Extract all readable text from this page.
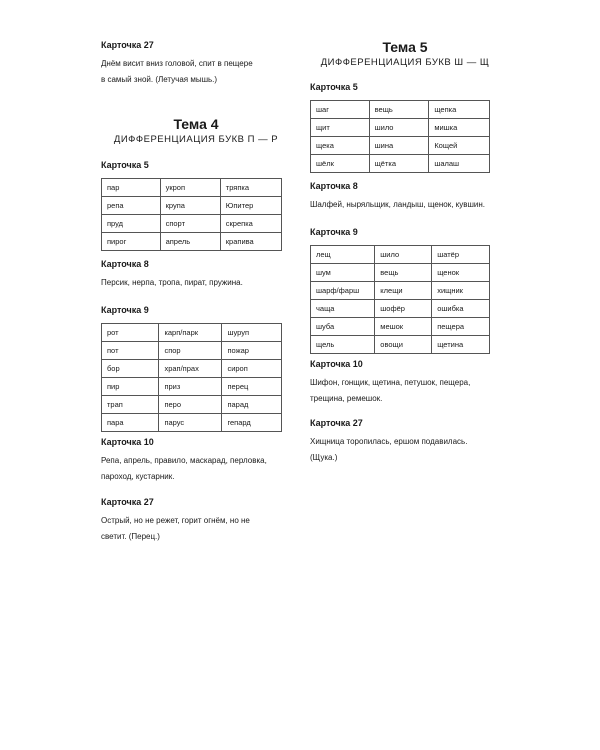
Карточка 27

Днём висит вниз головой, спит в пещере

в самый зной. (Летучая мышь.)

Тема 4

ДИФФЕРЕНЦИАЦИЯ БУКВ П — Р

Карточка 5

пар	укроп	тряпка
репа	крупа	Юпитер
пруд	спорт	скрепка
пирог	апрель	крапива

Карточка 8

Персик, нерпа, тропа, пират, пружина.

Карточка 9

рот	карп/парк	шуруп
пот	спор	пожар
бор	храп/прах	сироп
пир	приз	перец
трап	перо	парад
пара	парус	гепард

Карточка 10

Репа, апрель, правило, маскарад, перловка,

пароход, кустарник.

Карточка 27

Острый, но не режет, горит огнём, но не

светит. (Перец.)

Тема 5

ДИФФЕРЕНЦИАЦИЯ БУКВ Ш — Щ

Карточка 5

шаг	вещь	щепка
щит	шило	мишка
щека	шина	Кощей
шёлк	щётка	шалаш

Карточка 8

Шалфей, ныряльщик, ландыш, щенок, кувшин.

Карточка 9

лещ	шило	шатёр
шум	вещь	щенок
шарф/фарш	клещи	хищник
чаща	шофёр	ошибка
шуба	мешок	пещера
щель	овощи	щетина

Карточка 10

Шифон, гонщик, щетина, петушок, пещера,

трещина, ремешок.

Карточка 27

Хищница торопилась, ершом подавилась.

(Щука.)
